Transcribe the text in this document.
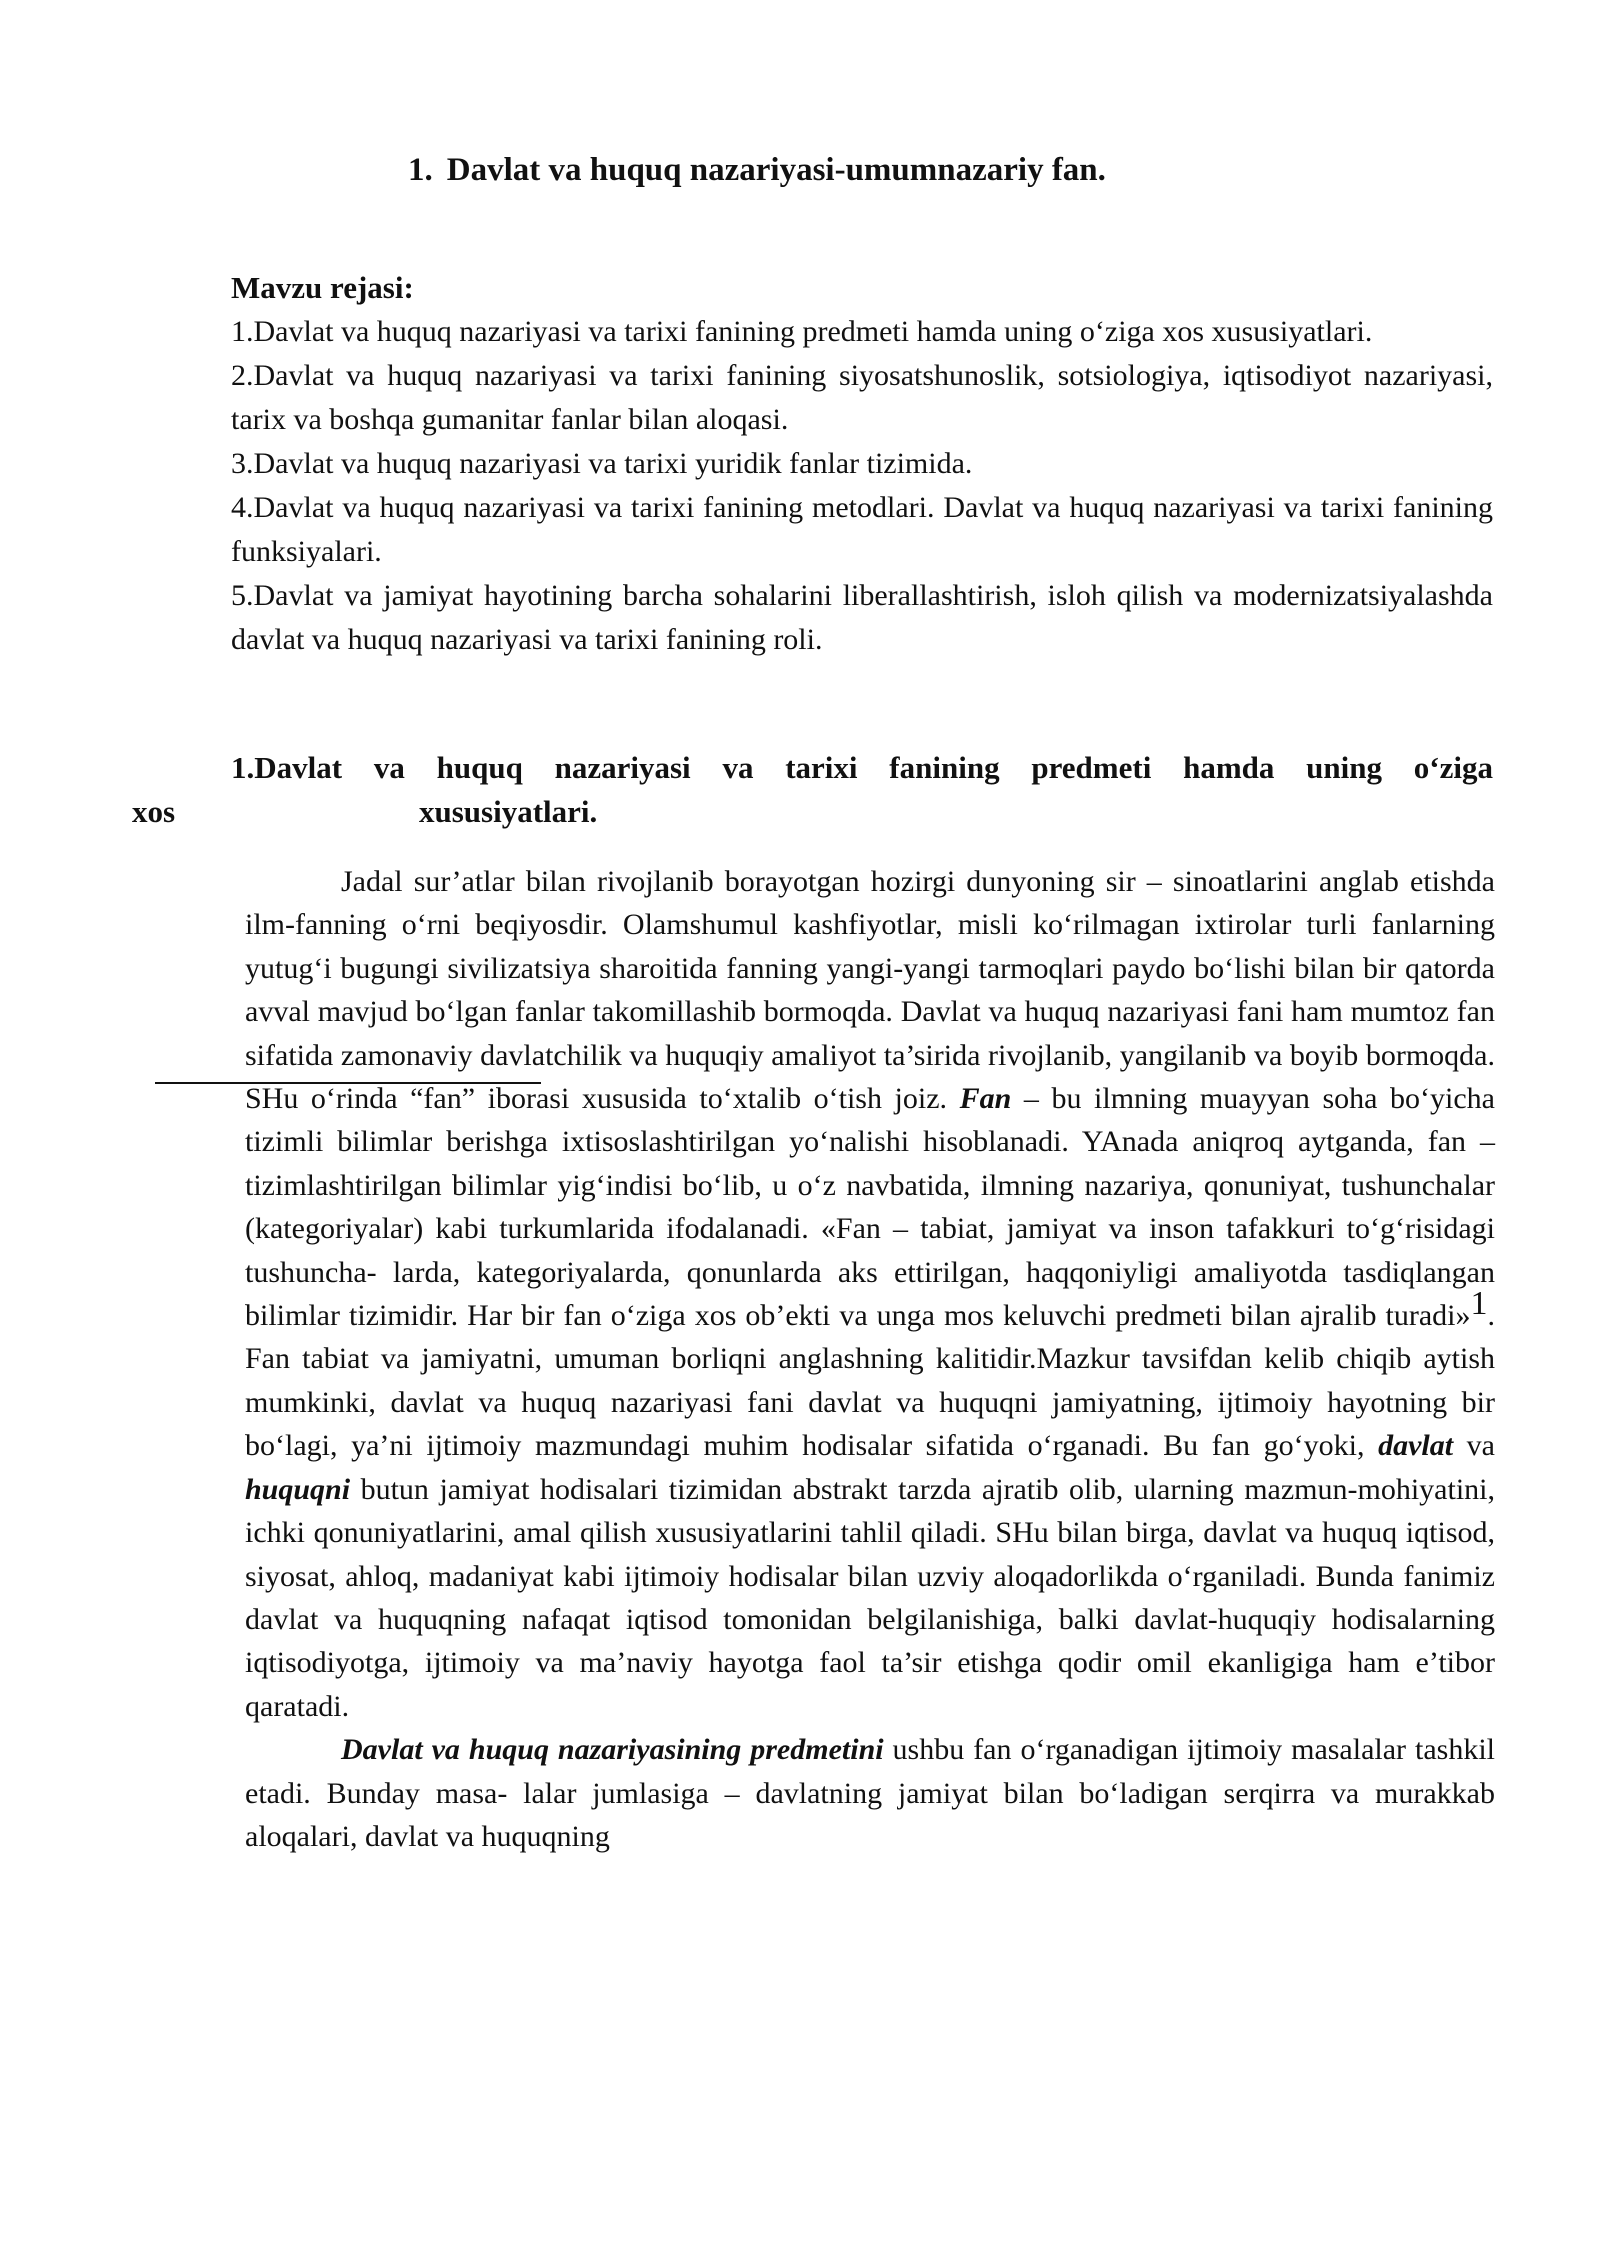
1. Davlat va huquq nazariyasi-umumnazariy fan.
Mavzu rejasi:

1.Davlat va huquq nazariyasi va tarixi fanining predmeti hamda uning o‘ziga xos xususiyatlari.

2.Davlat va huquq nazariyasi va tarixi fanining siyosatshunoslik, sotsiologiya, iqtisodiyot nazariyasi, tarix va boshqa gumanitar fanlar bilan aloqasi.

3.Davlat va huquq nazariyasi va tarixi yuridik fanlar tizimida.

4.Davlat va huquq nazariyasi va tarixi fanining metodlari. Davlat va huquq nazariyasi va tarixi fanining funksiyalari.

5.Davlat va jamiyat hayotining barcha sohalarini liberallashtirish, isloh qilish va modernizatsiyalashda davlat va huquq nazariyasi va tarixi fanining roli.

1.Davlat va huquq nazariyasi va tarixi fanining predmeti hamda uning o‘ziga
xususiyatlari.
xos

Jadal sur’atlar bilan rivojlanib borayotgan hozirgi dunyoning sir – sinoatlarini anglab etishda ilm-fanning o‘rni beqiyosdir. Olamshumul kashfiyotlar, misli ko‘rilmagan ixtirolar turli fanlarning yutug‘i bugungi sivilizatsiya sharoitida fanning yangi-yangi tarmoqlari paydo bo‘lishi bilan bir qatorda avval mavjud bo‘lgan fanlar takomillashib bormoqda. Davlat va huquq nazariyasi fani ham mumtoz fan sifatida zamonaviy davlatchilik va huquqiy amaliyot ta’sirida rivojlanib, yangilanib va boyib bormoqda. SHu o‘rinda “fan” iborasi xususida to‘xtalib o‘tish joiz. Fan – bu ilmning muayyan soha bo‘yicha tizimli bilimlar berishga ixtisoslashtirilgan yo‘nalishi hisoblanadi. YAnada aniqroq aytganda, fan – tizimlashtirilgan bilimlar yig‘indisi bo‘lib, u o‘z navbatida, ilmning nazariya, qonuniyat, tushunchalar (kategoriyalar) kabi turkumlarida ifodalanadi. «Fan – tabiat, jamiyat va inson tafakkuri to‘g‘risidagi tushuncha- larda, kategoriyalarda, qonunlarda aks ettirilgan, haqqoniyligi amaliyotda tasdiqlangan bilimlar tizimidir. Har bir fan o‘ziga xos ob’ekti va unga mos keluvchi predmeti bilan ajralib turadi»1. Fan tabiat va jamiyatni, umuman borliqni anglashning kalitidir.Mazkur tavsifdan kelib chiqib aytish mumkinki, davlat va huquq nazariyasi fani davlat va huquqni jamiyatning, ijtimoiy hayotning bir bo‘lagi, ya’ni ijtimoiy mazmundagi muhim hodisalar sifatida o‘rganadi. Bu fan go‘yoki, davlat va huquqni butun jamiyat hodisalari tizimidan abstrakt tarzda ajratib olib, ularning mazmun-mohiyatini, ichki qonuniyatlarini, amal qilish xususiyatlarini tahlil qiladi. SHu bilan birga, davlat va huquq iqtisod, siyosat, ahloq, madaniyat kabi ijtimoiy hodisalar bilan uzviy aloqadorlikda o‘rganiladi. Bunda fanimiz davlat va huquqning nafaqat iqtisod tomonidan belgilanishiga, balki davlat-huquqiy hodisalarning iqtisodiyotga, ijtimoiy va ma’naviy hayotga faol ta’sir etishga qodir omil ekanligiga ham e’tibor qaratadi.

Davlat va huquq nazariyasining predmetini ushbu fan o‘rganadigan ijtimoiy masalalar tashkil etadi. Bunday masa- lalar jumlasiga – davlatning jamiyat bilan bo‘ladigan serqirra va murakkab aloqalari, davlat va huquqning
